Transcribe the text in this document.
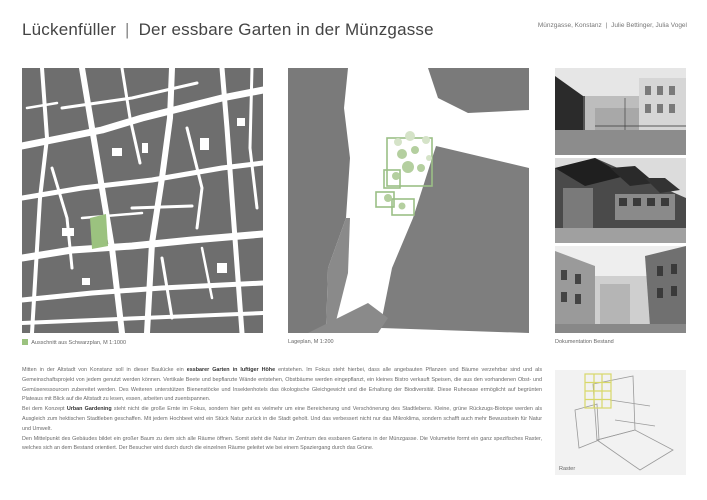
Lückenfüller | Der essbare Garten in der Münzgasse	Münzgasse, Konstanz | Julie Bettinger, Julia Vogel
Ausschnitt aus Schwarzplan, M 1:1000	Lageplan, M 1:200	Dokumentation Bestand

Mitten in der Altstadt von Konstanz soll in dieser Baulücke ein essbarer Garten in luftiger Höhe entstehen. Im Fokus steht hierbei, dass alle angebauten Pflanzen und Bäume verzehrbar sind und als Gemeinschaftsprojekt von jedem genutzt werden können. Vertikale Beete und bepflanzte Wände entstehen, Obstbäume werden eingepflanzt, ein kleines Bistro verkauft Speisen, die aus den vorhandenen Obst- und Gemüseressourcen zubereitet werden. Des Weiteren unterstützen Bienenstöcke und Insektenhotels das ökologische Gleichgewicht und die Erhaltung der Biodiversität. Diese Ruheoase ermöglicht auf begrünten Plateaus mit Blick auf die Altstadt zu lesen, essen, arbeiten und zuentspannen.

Bei dem Konzept Urban Gardening steht nicht die große Ernte im Fokus, sondern hier geht es vielmehr um eine Bereicherung und Verschönerung des Stadtlebens. Kleine, grüne Rückzugs-Biotope werden als Ausgleich zum hektischen Stadtleben geschaffen. Mit jedem Hochbeet wird ein Stück Natur zurück in die Stadt geholt. Und das verbessert nicht nur das Mikroklima, sondern schafft auch mehr Bewusstsein für Natur und Umwelt.

Den Mittelpunkt des Gebäudes bildet ein großer Baum zu dem sich alle Räume öffnen. Somit steht die Natur im Zentrum des essbaren Gartens in der Münzgasse. Die Volumetrie formt ein ganz spezifisches Raster, welches sich an dem Bestand orientiert. Der Besucher wird durch durch die einzelnen Räume geleitet wie bei einem Spaziergang durch das Grüne.

Raster
